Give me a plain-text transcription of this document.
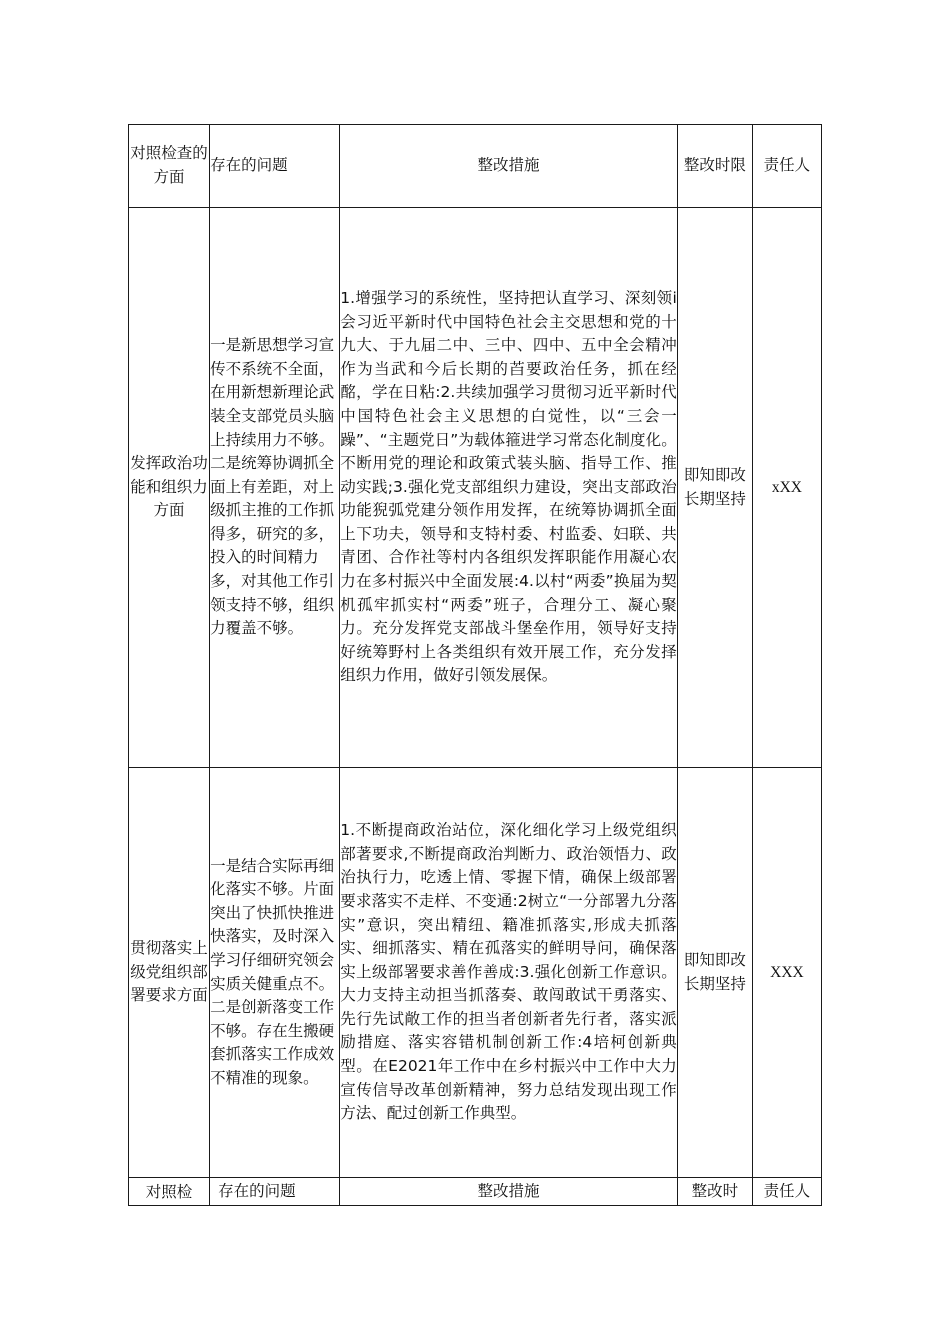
对照检查的方面	存在的问题	整改措施	整改时限	责任人
发挥政治功能和组织力方面	一是新思想学习宣传不系统不全面，在用新想新理论武装全支部党员头脑上持续用力不够。二是统筹协调抓全面上有差距，对上级抓主推的工作抓得多，研究的多，投入的时间精力多，对其他工作引领支持不够，组织力覆盖不够。	1.增强学习的系统性，坚持把认直学习、深刻领i会习近平新时代中国特色社会主交思想和党的十九大、于九届二中、三中、四中、五中全会精冲作为当武和今后长期的苩要政治任务，抓在经酩，学在日粘:2.共续加强学习贯彻习近平新时代中国特色社会主义思想的白觉性，以“三会一躁”、“主题党日”为载体箍进学习常态化制度化。不断用党的理论和政策式装头脑、指导工作、推动实践;3.强化党支部组织力建设，突出支部政治功能猊弧党建分领作用发挥，在统筹协调抓全面上下功夫，领导和支特村委、村监委、妇联、共青团、合作社等村内各组织发挥职能作用凝心农力在多村振兴中全面发展:4.以村“两委”换届为契机孤牢抓实村“两委”班子，合理分工、凝心聚力。充分发挥党支部战斗堡垒作用，领导好支持好统筹野村上各类组织有效开展工作，充分发择组织力作用，做好引领发展保。	即知即改长期坚持	xXX
贯彻落实上级党组织部署要求方面	一是结合实际再细化落实不够。片面突出了快抓快推进快落实，及时深入学习仔细研究领会实质关健重点不。二是创新落变工作不够。存在生搬硬套抓落实工作成效不精准的现象。	1.不断提商政治站位，深化细化学习上级党组织部著要求,不断提商政治判断力、政治领悟力、政治执行力，吃透上情、零握下情，确保上级部署要求落实不走样、不变通:2树立“一分部署九分落实”意识，突出精纽、籍准抓落实,形成夫抓落实、细抓落实、精在孤落实的鲜明导问，确保落实上级部署要求善作善成:3.强化创新工作意识。大力支持主动担当抓落奏、敢闯敢试干勇落实、先行先试敞工作的担当者创新者先行者，落实派励措庭、落实容错机制创新工作:4培柯创新典型。在E2021年工作中在乡村振兴中工作中大力宣传信导改革创新精神，努力总结发现出现工作方法、配过创新工作典型。	即知即改长期坚持	XXX
对照检	存在的问题	整改措施	整改时	责任人
